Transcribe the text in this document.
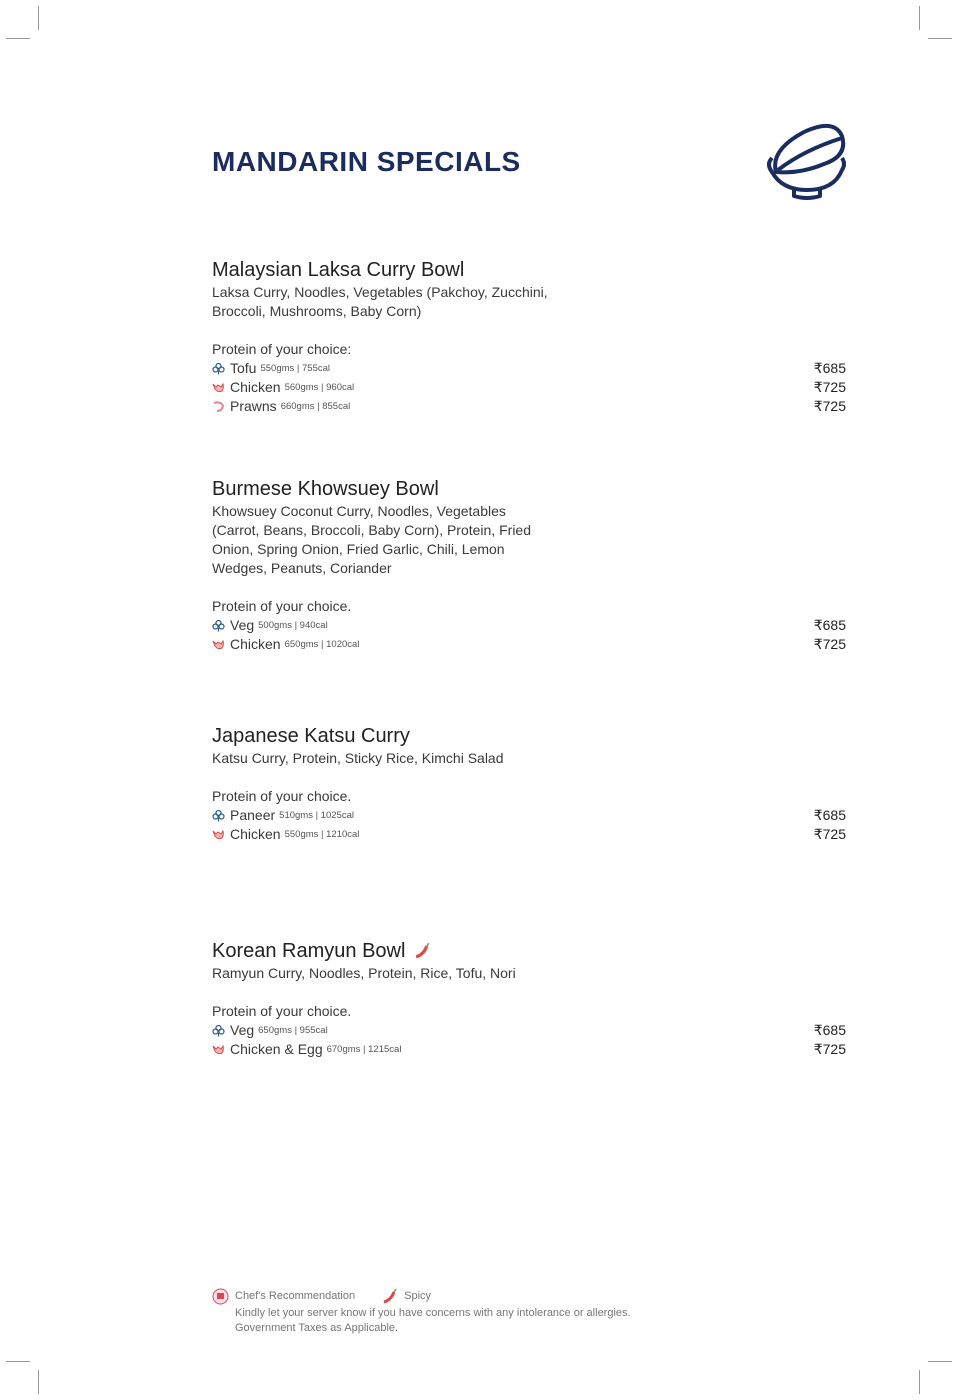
MANDARIN SPECIALS
Malaysian Laksa Curry Bowl
Laksa Curry, Noodles, Vegetables (Pakchoy, Zucchini,
Broccoli, Mushrooms, Baby Corn)
Protein of your choice:
Tofu 550gms | 755cal	₹685
Chicken 560gms | 960cal	₹725
Prawns 660gms | 855cal	₹725
Burmese Khowsuey Bowl
Khowsuey Coconut Curry, Noodles, Vegetables
(Carrot, Beans, Broccoli, Baby Corn), Protein, Fried
Onion, Spring Onion, Fried Garlic, Chili, Lemon
Wedges, Peanuts, Coriander
Protein of your choice.
Veg 500gms | 940cal	₹685
Chicken 650gms | 1020cal	₹725
Japanese Katsu Curry
Katsu Curry, Protein, Sticky Rice, Kimchi Salad
Protein of your choice.
Paneer 510gms | 1025cal	₹685
Chicken 550gms | 1210cal	₹725
Korean Ramyun Bowl
Ramyun Curry, Noodles, Protein, Rice, Tofu, Nori
Protein of your choice.
Veg 650gms | 955cal	₹685
Chicken & Egg 670gms | 1215cal	₹725
Chef's Recommendation	Spicy
Kindly let your server know if you have concerns with any intolerance or allergies.
Government Taxes as Applicable.
